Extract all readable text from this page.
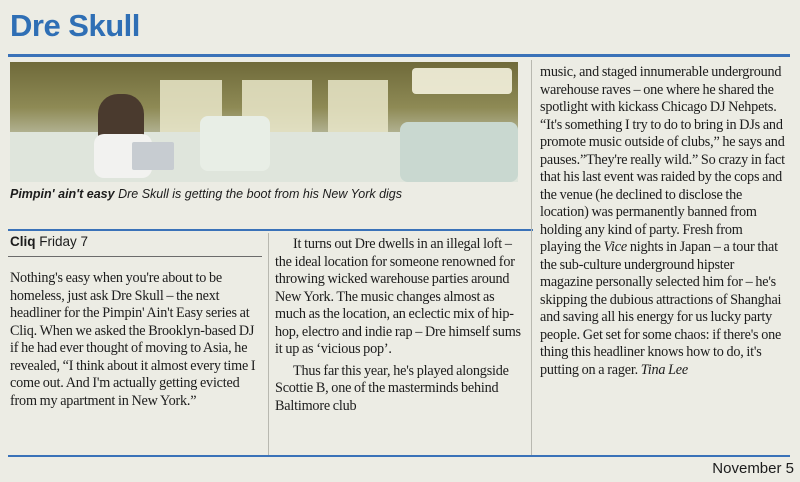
Dre Skull
Pimpin' ain't easy Dre Skull is getting the boot from his New York digs
Cliq Friday 7

Nothing's easy when you're about to be homeless, just ask Dre Skull – the next headliner for the Pimpin' Ain't Easy series at Cliq. When we asked the Brooklyn-based DJ if he had ever thought of moving to Asia, he revealed, “I think about it almost every time I come out. And I'm actually getting evicted from my apartment in New York.”

It turns out Dre dwells in an illegal loft – the ideal location for someone renowned for throwing wicked warehouse parties around New York. The music changes almost as much as the location, an eclectic mix of hip-hop, electro and indie rap – Dre himself sums it up as ‘vicious pop’.

Thus far this year, he's played alongside Scottie B, one of the masterminds behind Baltimore club

music, and staged innumerable underground warehouse raves – one where he shared the spotlight with kickass Chicago DJ Nehpets. “It's something I try to do to bring in DJs and promote music outside of clubs,” he says and pauses.”They're really wild.” So crazy in fact that his last event was raided by the cops and the venue (he declined to disclose the location) was permanently banned from holding any kind of party. Fresh from playing the Vice nights in Japan – a tour that the sub-culture underground hipster magazine personally selected him for – he's skipping the dubious attractions of Shanghai and saving all his energy for us lucky party people. Get set for some chaos: if there's one thing this headliner knows how to do, it's putting on a rager. Tina Lee

November 5
